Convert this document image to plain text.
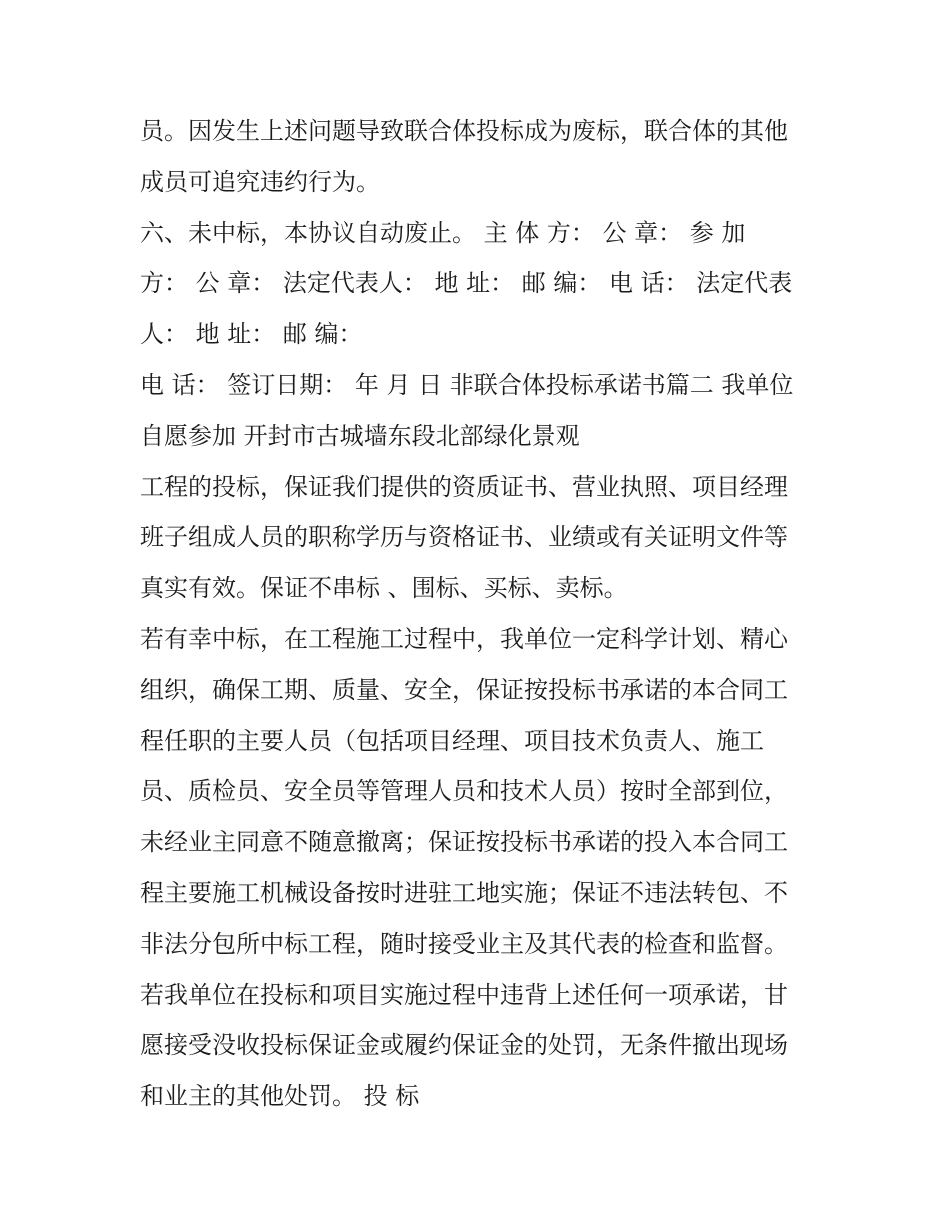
员。因发生上述问题导致联合体投标成为废标，联合体的其他
成员可追究违约行为。
六、未中标，本协议自动废止。 主 体 方： 公 章： 参 加
方： 公 章： 法定代表人： 地 址： 邮 编： 电 话： 法定代表
人： 地 址： 邮 编：
电 话： 签订日期： 年 月 日 非联合体投标承诺书篇二 我单位
自愿参加 开封市古城墙东段北部绿化景观
工程的投标，保证我们提供的资质证书、营业执照、项目经理
班子组成人员的职称学历与资格证书、业绩或有关证明文件等
真实有效。保证不串标 、围标、买标、卖标。
若有幸中标，在工程施工过程中，我单位一定科学计划、精心
组织，确保工期、质量、安全，保证按投标书承诺的本合同工
程任职的主要人员（包括项目经理、项目技术负责人、施工
员、质检员、安全员等管理人员和技术人员）按时全部到位，
未经业主同意不随意撤离；保证按投标书承诺的投入本合同工
程主要施工机械设备按时进驻工地实施；保证不违法转包、不
非法分包所中标工程，随时接受业主及其代表的检查和监督。
若我单位在投标和项目实施过程中违背上述任何一项承诺，甘
愿接受没收投标保证金或履约保证金的处罚，无条件撤出现场
和业主的其他处罚。 投 标
